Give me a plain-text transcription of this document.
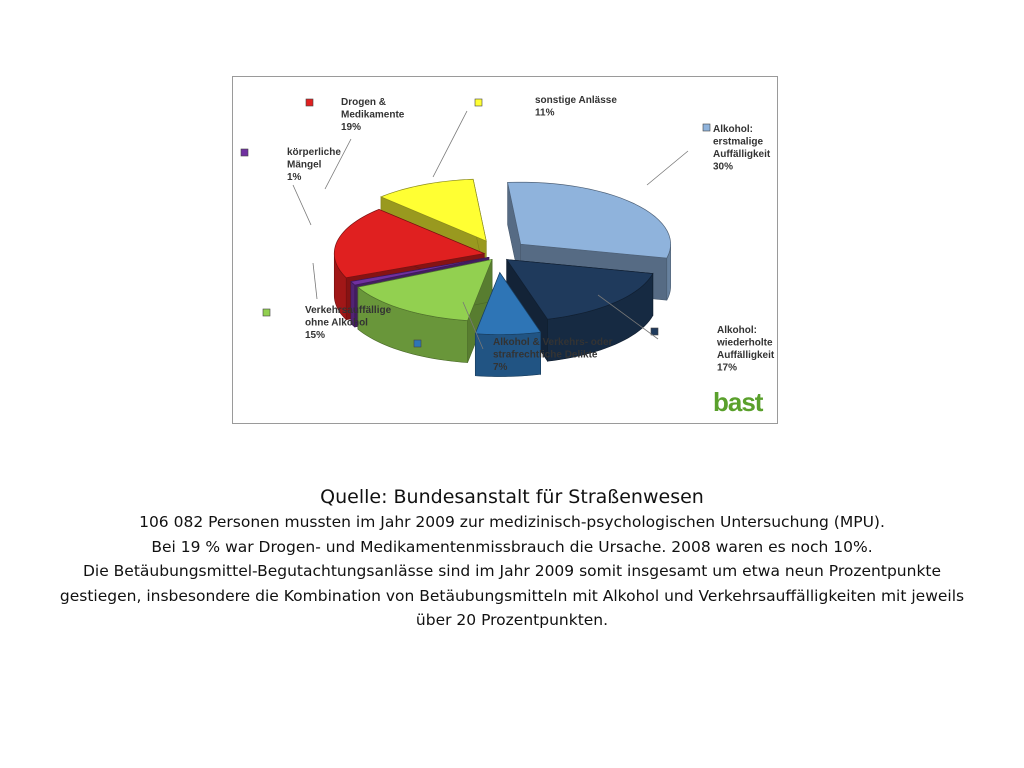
Alkohol:
erstmalige
Auffälligkeit
30%
Alkohol:
wiederholte
Auffälligkeit
17%
Alkohol & Verkehrs- oder
strafrechtliche Delikte
7%
Verkehrsauffällige
ohne Alkohol
15%
körperliche
Mängel
1%
Drogen &
Medikamente
19%
sonstige Anlässe
11%
bast
Quelle: Bundesanstalt für Straßenwesen
106 082 Personen mussten im Jahr 2009 zur medizinisch-psychologischen Untersuchung (MPU).
Bei 19 % war Drogen- und Medikamentenmissbrauch die Ursache. 2008 waren es noch 10%.
Die Betäubungsmittel-Begutachtungsanlässe sind im Jahr 2009 somit insgesamt um etwa neun Prozentpunkte gestiegen, insbesondere die Kombination von Betäubungsmitteln mit Alkohol und Verkehrsauffälligkeiten mit jeweils über 20 Prozentpunkten.
